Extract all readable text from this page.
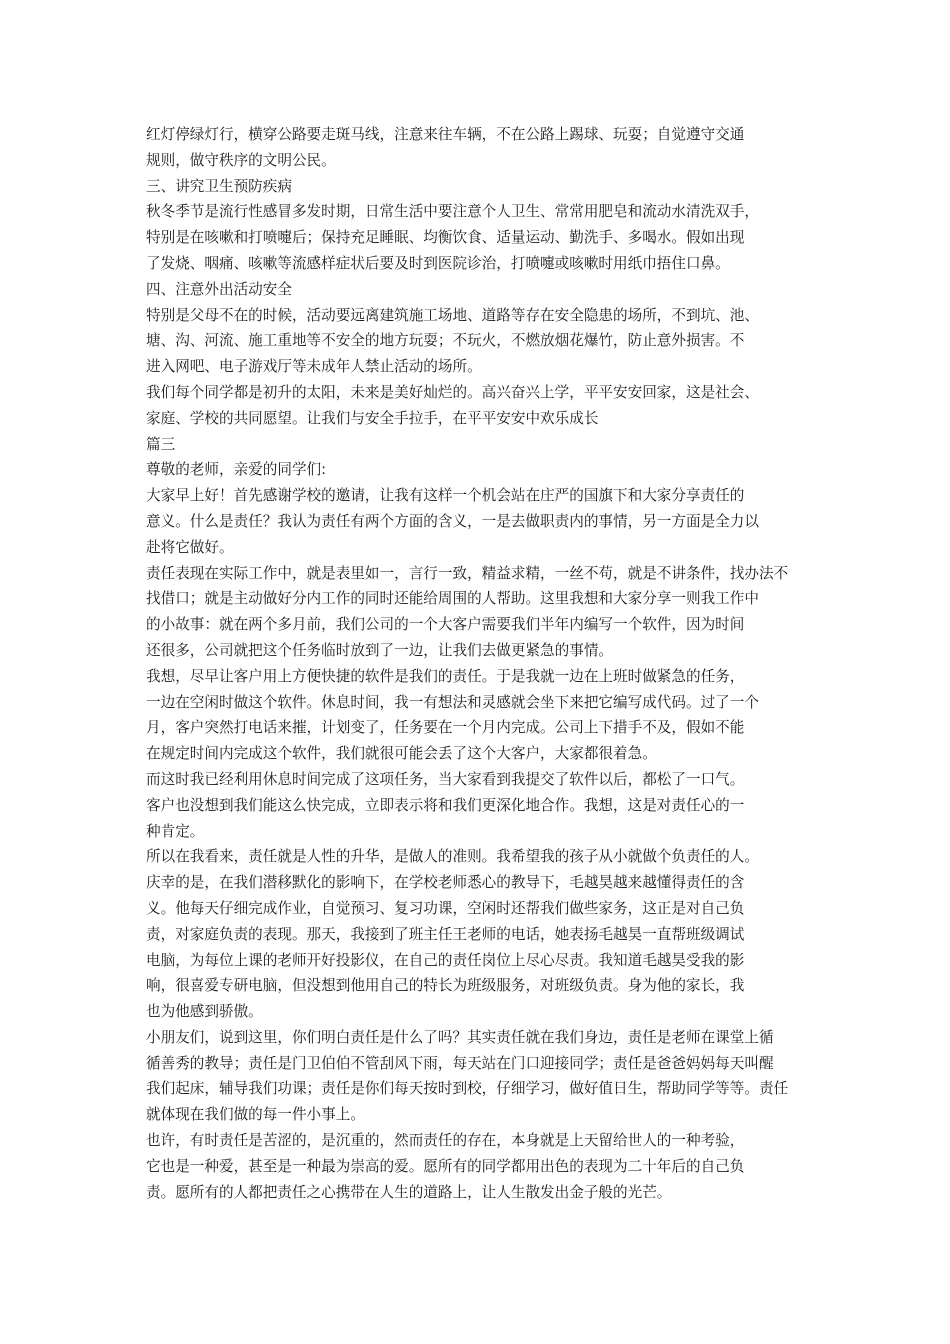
红灯停绿灯行，横穿公路要走斑马线，注意来往车辆，不在公路上踢球、玩耍；自觉遵守交通
规则，做守秩序的文明公民。
三、讲究卫生预防疾病
秋冬季节是流行性感冒多发时期，日常生活中要注意个人卫生、常常用肥皂和流动水清洗双手，
特别是在咳嗽和打喷嚏后；保持充足睡眠、均衡饮食、适量运动、勤洗手、多喝水。假如出现
了发烧、咽痛、咳嗽等流感样症状后要及时到医院诊治，打喷嚏或咳嗽时用纸巾捂住口鼻。
四、注意外出活动安全
特别是父母不在的时候，活动要远离建筑施工场地、道路等存在安全隐患的场所，不到坑、池、
塘、沟、河流、施工重地等不安全的地方玩耍；不玩火，不燃放烟花爆竹，防止意外损害。不
进入网吧、电子游戏厅等未成年人禁止活动的场所。
我们每个同学都是初升的太阳，未来是美好灿烂的。高兴奋兴上学，平平安安回家，这是社会、
家庭、学校的共同愿望。让我们与安全手拉手，在平平安安中欢乐成长
篇三
尊敬的老师，亲爱的同学们:
大家早上好！首先感谢学校的邀请，让我有这样一个机会站在庄严的国旗下和大家分享责任的
意义。什么是责任？我认为责任有两个方面的含义，一是去做职责内的事情，另一方面是全力以
赴将它做好。
责任表现在实际工作中，就是表里如一，言行一致，精益求精，一丝不苟，就是不讲条件，找办法不
找借口；就是主动做好分内工作的同时还能给周围的人帮助。这里我想和大家分享一则我工作中
的小故事：就在两个多月前，我们公司的一个大客户需要我们半年内编写一个软件，因为时间
还很多，公司就把这个任务临时放到了一边，让我们去做更紧急的事情。
我想，尽早让客户用上方便快捷的软件是我们的责任。于是我就一边在上班时做紧急的任务，
一边在空闲时做这个软件。休息时间，我一有想法和灵感就会坐下来把它编写成代码。过了一个
月，客户突然打电话来摧，计划变了，任务要在一个月内完成。公司上下措手不及，假如不能
在规定时间内完成这个软件，我们就很可能会丢了这个大客户，大家都很着急。
而这时我已经利用休息时间完成了这项任务，当大家看到我提交了软件以后，都松了一口气。
客户也没想到我们能这么快完成，立即表示将和我们更深化地合作。我想，这是对责任心的一
种肯定。
所以在我看来，责任就是人性的升华，是做人的准则。我希望我的孩子从小就做个负责任的人。
庆幸的是，在我们潜移默化的影响下，在学校老师悉心的教导下，毛越昊越来越懂得责任的含
义。他每天仔细完成作业，自觉预习、复习功课，空闲时还帮我们做些家务，这正是对自己负
责，对家庭负责的表现。那天，我接到了班主任王老师的电话，她表扬毛越昊一直帮班级调试
电脑，为每位上课的老师开好投影仪，在自己的责任岗位上尽心尽责。我知道毛越昊受我的影
响，很喜爱专研电脑，但没想到他用自己的特长为班级服务，对班级负责。身为他的家长，我
也为他感到骄傲。
小朋友们，说到这里，你们明白责任是什么了吗？其实责任就在我们身边，责任是老师在课堂上循
循善秀的教导；责任是门卫伯伯不管刮风下雨，每天站在门口迎接同学；责任是爸爸妈妈每天叫醒
我们起床，辅导我们功课；责任是你们每天按时到校，仔细学习，做好值日生，帮助同学等等。责任
就体现在我们做的每一件小事上。
也许，有时责任是苦涩的，是沉重的，然而责任的存在，本身就是上天留给世人的一种考验，
它也是一种爱，甚至是一种最为崇高的爱。愿所有的同学都用出色的表现为二十年后的自己负
责。愿所有的人都把责任之心携带在人生的道路上，让人生散发出金子般的光芒。
